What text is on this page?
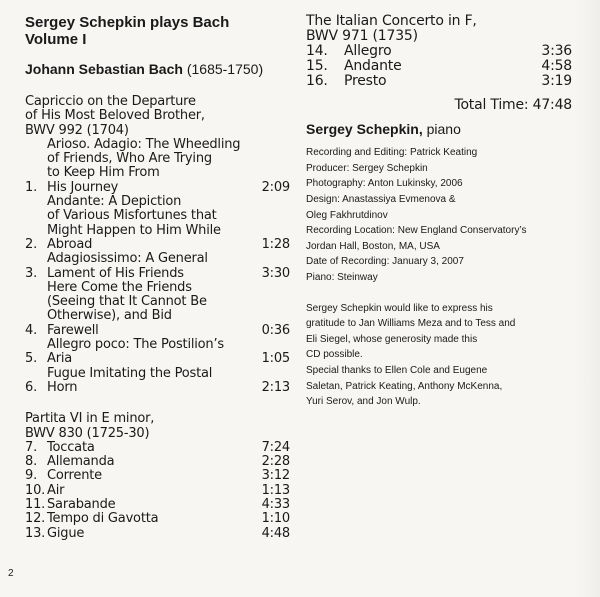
Sergey Schepkin plays Bach
Volume I
Johann Sebastian Bach (1685-1750)
Capriccio on the Departure
of His Most Beloved Brother,
BWV 992 (1704)
1.
Arioso. Adagio: The Wheedling
of Friends, Who Are Trying
to Keep Him From
His Journey	2:09
2.
Andante: A Depiction
of Various Misfortunes that
Might Happen to Him While
Abroad	1:28
3.
Adagiosissimo: A General
Lament of His Friends	3:30
4.
Here Come the Friends
(Seeing that It Cannot Be
Otherwise), and Bid
Farewell	0:36
5.
Allegro poco: The Postilion’s
Aria	1:05
6.
Fugue Imitating the Postal
Horn	2:13
Partita VI in E minor,
BWV 830 (1725-30)
7. Toccata	7:24
8. Allemanda	2:28
9. Corrente	3:12
10. Air	1:13
11. Sarabande	4:33
12. Tempo di Gavotta	1:10
13. Gigue	4:48
The Italian Concerto in F,
BWV 971 (1735)
14.	Allegro	3:36
15.	Andante	4:58
16.	Presto	3:19
Total Time: 47:48
Sergey Schepkin, piano
Recording and Editing: Patrick Keating
Producer: Sergey Schepkin
Photography: Anton Lukinsky, 2006
Design: Anastassiya Evmenova &
Oleg Fakhrutdinov
Recording Location: New England Conservatory’s
Jordan Hall, Boston, MA, USA
Date of Recording: January 3, 2007
Piano: Steinway
Sergey Schepkin would like to express his
gratitude to Jan Williams Meza and to Tess and
Eli Siegel, whose generosity made this
CD possible.
Special thanks to Ellen Cole and Eugene
Saletan, Patrick Keating, Anthony McKenna,
Yuri Serov, and Jon Wulp.
2
